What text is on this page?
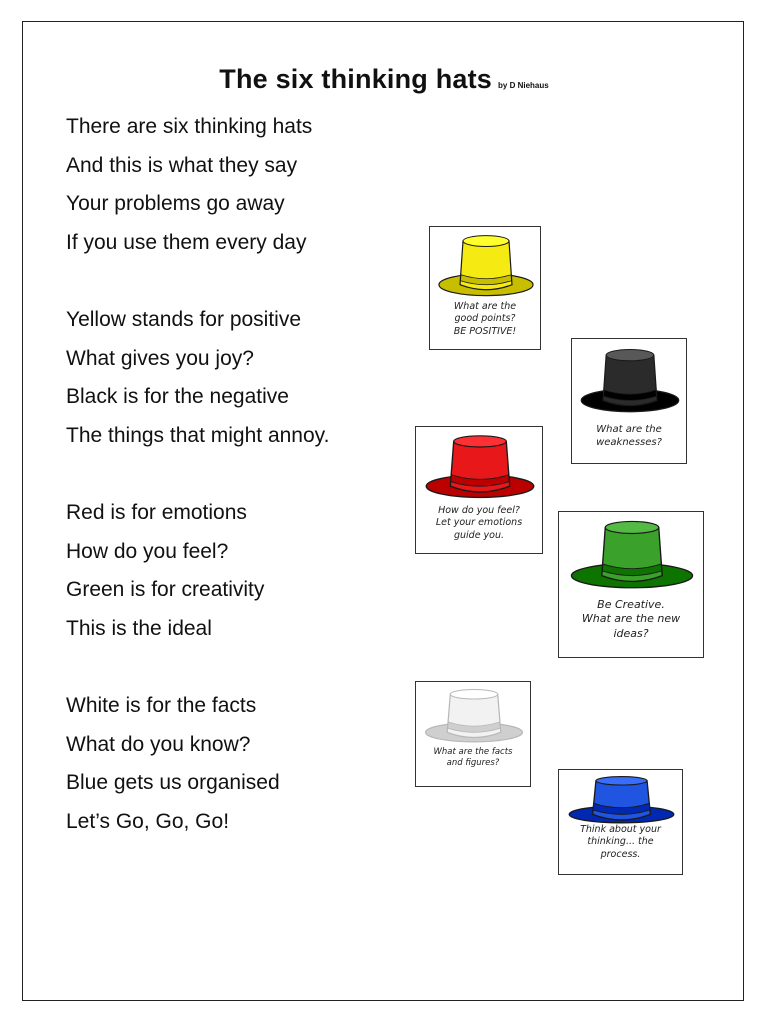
The six thinking hats by D Niehaus
There are six thinking hats
And this is what they say
Your problems go away
If you use them every day
Yellow stands for positive
What gives you joy?
Black is for the negative
The things that might annoy.
Red is for emotions
How do you feel?
Green is for creativity
This is the ideal
White is for the facts
What do you know?
Blue gets us organised
Let’s Go, Go, Go!
What are the
good points?
BE POSITIVE!
What are the
weaknesses?
How do you feel?
Let your emotions
guide you.
Be Creative.
What are the new
ideas?
What are the facts
and figures?
Think about your
thinking... the
process.
